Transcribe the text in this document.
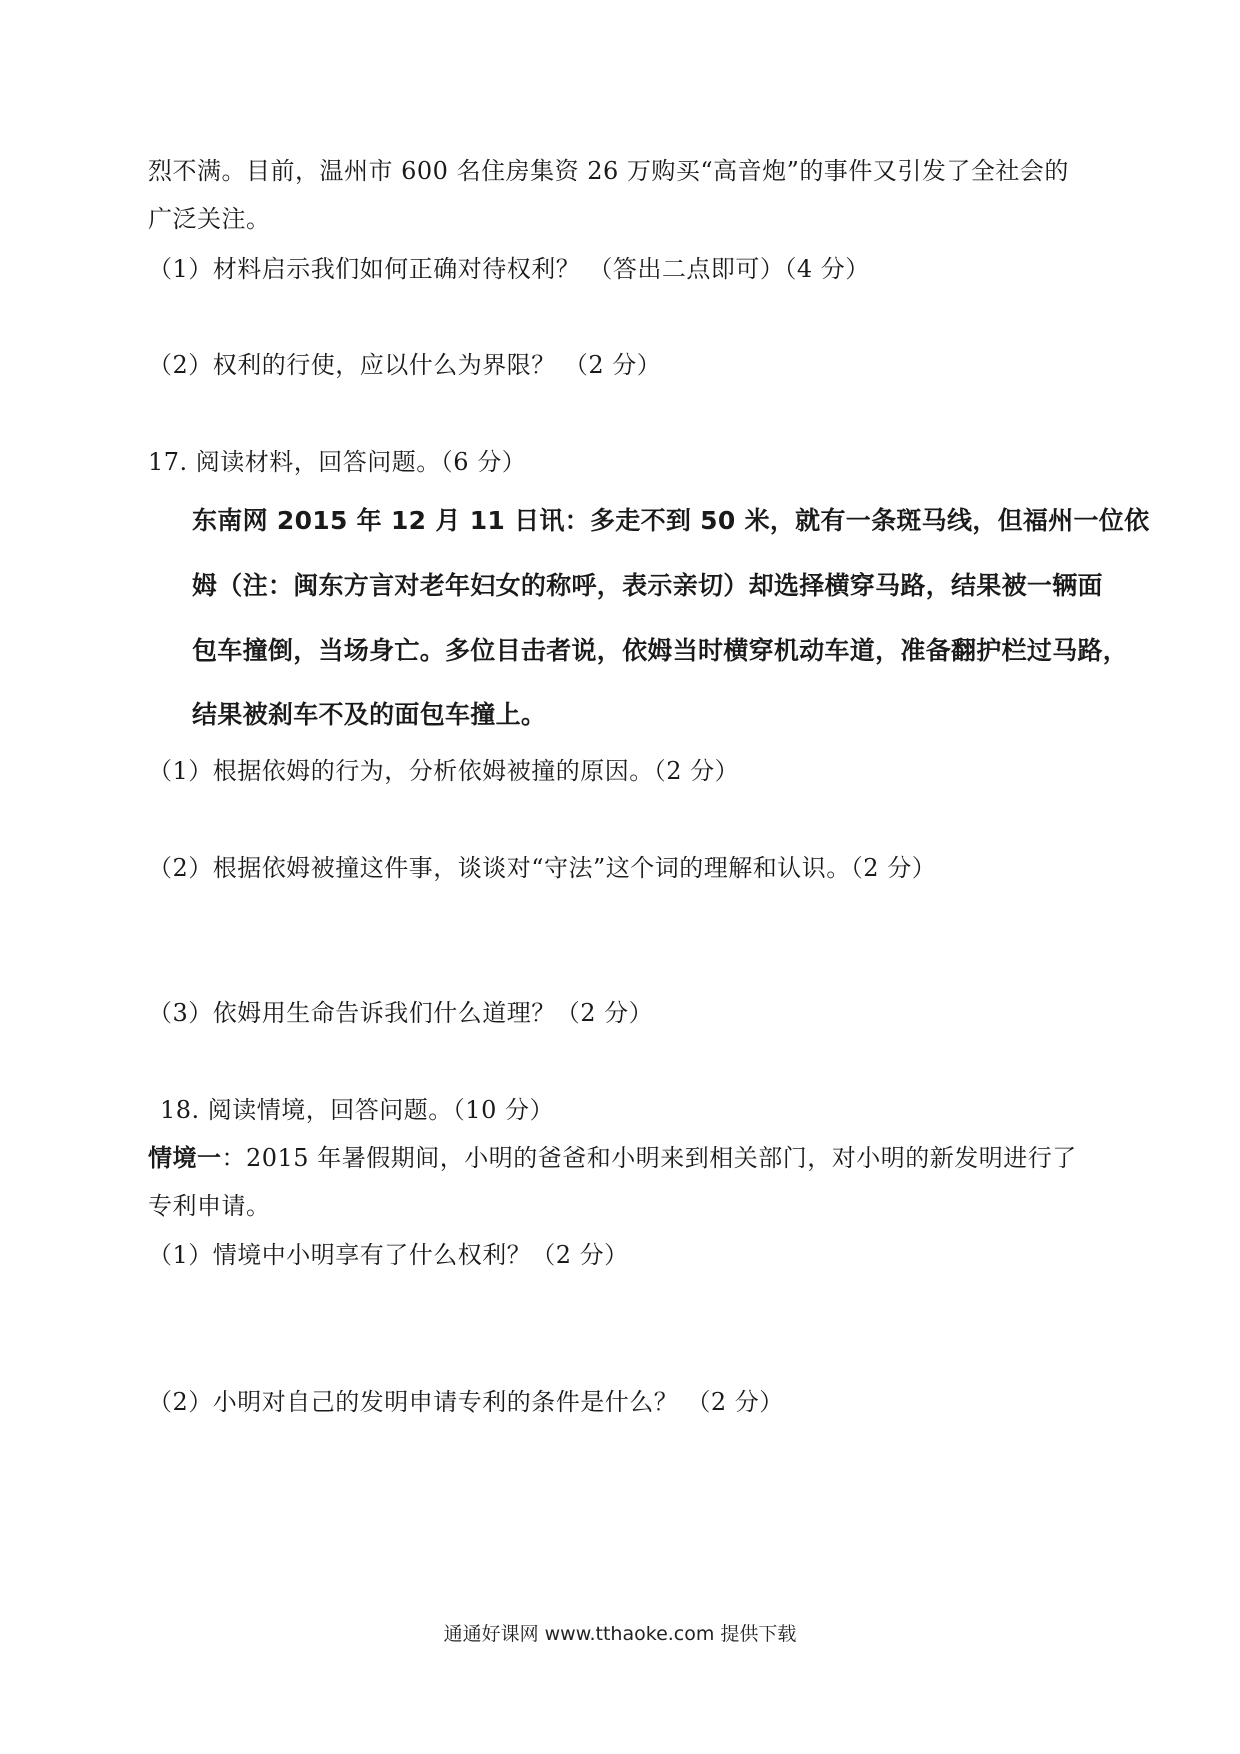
烈不满。目前，温州市 600 名住房集资 26 万购买“高音炮”的事件又引发了全社会的
广泛关注。
（1）材料启示我们如何正确对待权利？ （答出二点即可）（4 分）
（2）权利的行使，应以什么为界限？ （2 分）
17. 阅读材料，回答问题。（6 分）
东南网 2015 年 12 月 11 日讯：多走不到 50 米，就有一条斑马线，但福州一位依
姆（注：闽东方言对老年妇女的称呼，表示亲切）却选择横穿马路，结果被一辆面
包车撞倒，当场身亡。多位目击者说，依姆当时横穿机动车道，准备翻护栏过马路，
结果被刹车不及的面包车撞上。
（1）根据依姆的行为，分析依姆被撞的原因。（2 分）
（2）根据依姆被撞这件事，谈谈对“守法”这个词的理解和认识。（2 分）
（3）依姆用生命告诉我们什么道理？（2 分）
18. 阅读情境，回答问题。（10 分）
情境一：2015 年暑假期间，小明的爸爸和小明来到相关部门，对小明的新发明进行了
专利申请。
（1）情境中小明享有了什么权利？（2 分）
（2）小明对自己的发明申请专利的条件是什么？ （2 分）
通通好课网 www.tthaoke.com 提供下载
